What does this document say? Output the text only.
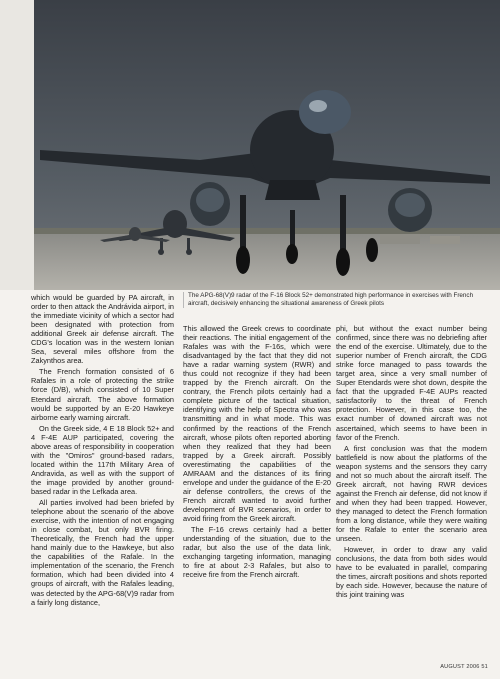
The APG-68(V)9 radar of the F-16 Block 52+ demonstrated high performance in exercises with French aircraft, decisively enhancing the situational awareness of Greek pilots

which would be guarded by PA aircraft, in order to then attack the Andrávida airport, in the immediate vicinity of which a sector had been designated with protection from additional Greek air defense aircraft. The CDG's location was in the western Ionian Sea, several miles offshore from the Zakynthos area.

The French formation consisted of 6 Rafales in a role of protecting the strike force (D/B), which consisted of 10 Super Etendard aircraft. The above formation would be supported by an E-20 Hawkeye airborne early warning aircraft.

On the Greek side, 4 E 18 Block 52+ and 4 F-4E AUP participated, covering the above areas of responsibility in cooperation with the "Omiros" ground-based radars, located within the 117th Military Area of Andravida, as well as with the support of the image provided by another ground-based radar in the Lefkada area.

All parties involved had been briefed by telephone about the scenario of the above exercise, with the intention of not engaging in close combat, but only BVR firing. Theoretically, the French had the upper hand mainly due to the Hawkeye, but also the capabilities of the Rafale. In the implementation of the scenario, the French formation, which had been divided into 4 groups of aircraft, with the Rafales leading, was detected by the APG-68(V)9 radar from a fairly long distance,

This allowed the Greek crews to coordinate their reactions. The initial engagement of the Rafales was with the F-16s, which were disadvantaged by the fact that they did not have a radar warning system (RWR) and thus could not recognize if they had been trapped by the French aircraft. On the contrary, the French pilots certainly had a complete picture of the tactical situation, identifying with the help of Spectra who was transmitting and in what mode. This was confirmed by the reactions of the French aircraft, whose pilots often reported aborting when they realized that they had been trapped by a Greek aircraft. Possibly overestimating the capabilities of the AMRAAM and the distances of its firing envelope and under the guidance of the E-20 air defense controllers, the crews of the French aircraft wanted to avoid further development of BVR scenarios, in order to avoid firing from the Greek aircraft.

The F-16 crews certainly had a better understanding of the situation, due to the radar, but also the use of the data link, exchanging targeting information, managing to fire at about 2-3 Rafales, but also to receive fire from the French aircraft.

phi, but without the exact number being confirmed, since there was no debriefing after the end of the exercise. Ultimately, due to the superior number of French aircraft, the CDG strike force managed to pass towards the target area, since a very small number of Super Etendards were shot down, despite the fact that the upgraded F-4E AUPs reacted satisfactorily to the threat of French protection. However, in this case too, the exact number of downed aircraft was not ascertained, which seems to have been in favor of the French.

A first conclusion was that the modern battlefield is now about the platforms of the weapon systems and the sensors they carry and not so much about the aircraft itself. The Greek aircraft, not having RWR devices against the French air defense, did not know if and when they had been trapped. However, they managed to detect the French formation from a long distance, while they were waiting for the Rafale to enter the scenario area unseen.

However, in order to draw any valid conclusions, the data from both sides would have to be evaluated in parallel, comparing the times, aircraft positions and shots reported by each side. However, because the nature of this joint training was

AUGUST 2006 51
